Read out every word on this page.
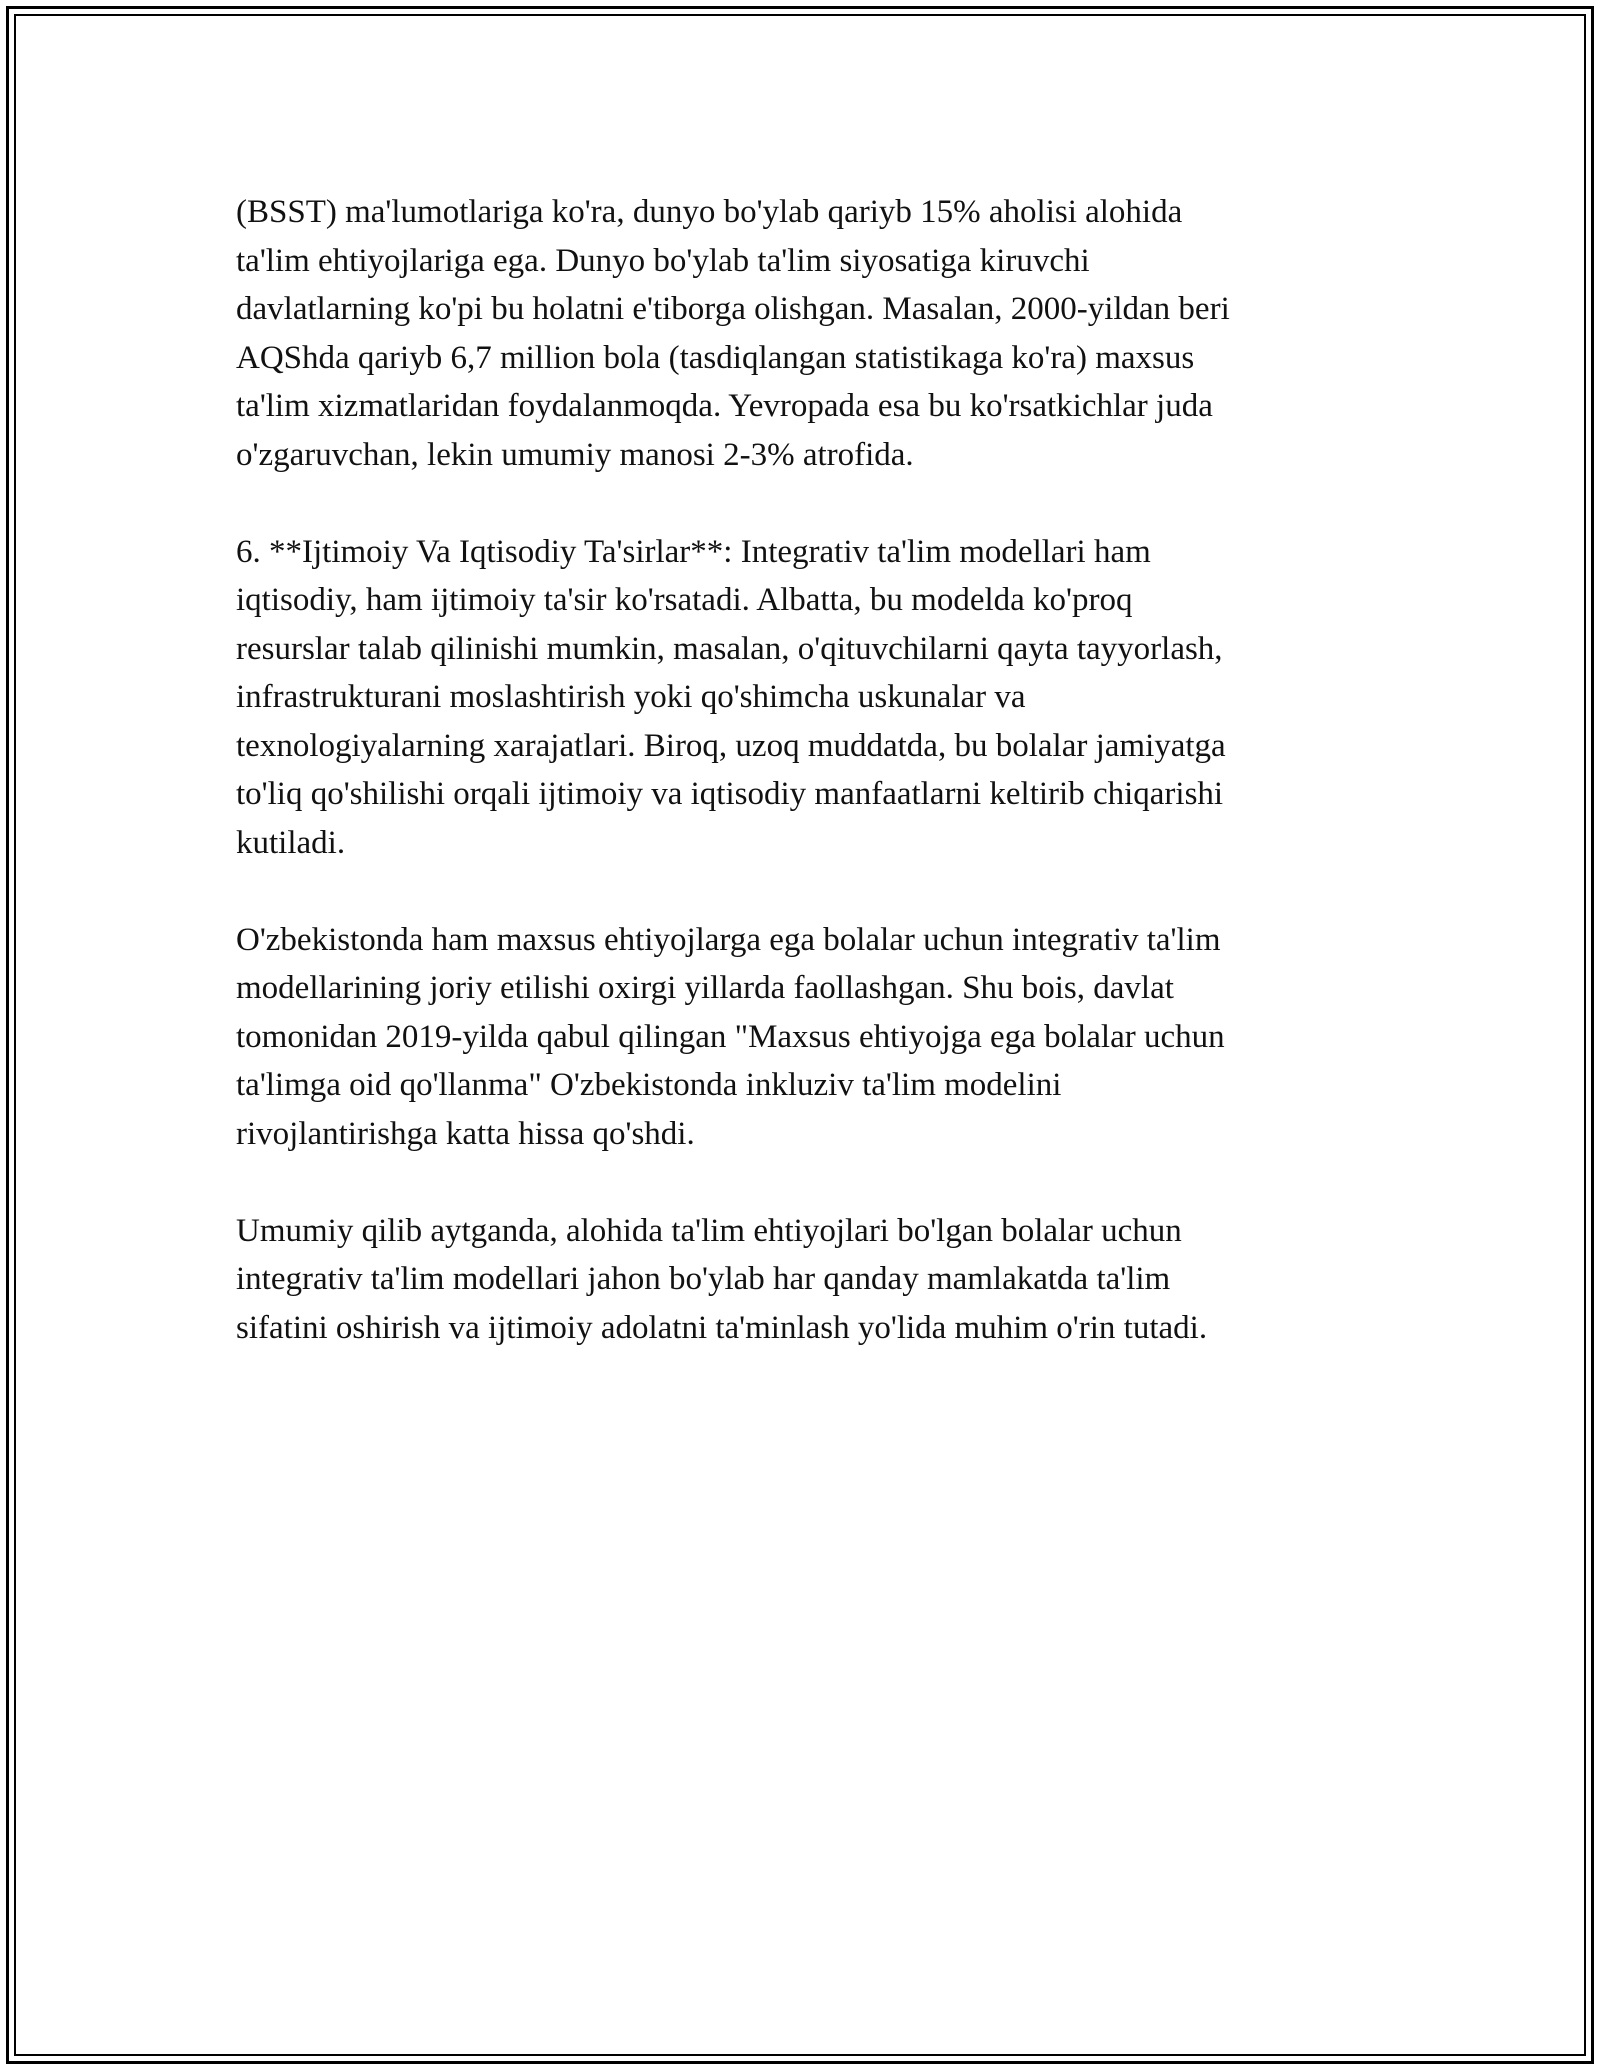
(BSST) ma'lumotlariga ko'ra, dunyo bo'ylab qariyb 15% aholisi alohida
ta'lim ehtiyojlariga ega. Dunyo bo'ylab ta'lim siyosatiga kiruvchi
davlatlarning ko'pi bu holatni e'tiborga olishgan. Masalan, 2000-yildan beri
AQShda qariyb 6,7 million bola (tasdiqlangan statistikaga ko'ra) maxsus
ta'lim xizmatlaridan foydalanmoqda. Yevropada esa bu ko'rsatkichlar juda
o'zgaruvchan, lekin umumiy manosi 2-3% atrofida.
6. **Ijtimoiy Va Iqtisodiy Ta'sirlar**: Integrativ ta'lim modellari ham
iqtisodiy, ham ijtimoiy ta'sir ko'rsatadi. Albatta, bu modelda ko'proq
resurslar talab qilinishi mumkin, masalan, o'qituvchilarni qayta tayyorlash,
infrastrukturani moslashtirish yoki qo'shimcha uskunalar va
texnologiyalarning xarajatlari. Biroq, uzoq muddatda, bu bolalar jamiyatga
to'liq qo'shilishi orqali ijtimoiy va iqtisodiy manfaatlarni keltirib chiqarishi
kutiladi.
O'zbekistonda ham maxsus ehtiyojlarga ega bolalar uchun integrativ ta'lim
modellarining joriy etilishi oxirgi yillarda faollashgan. Shu bois, davlat
tomonidan 2019-yilda qabul qilingan "Maxsus ehtiyojga ega bolalar uchun
ta'limga oid qo'llanma" O'zbekistonda inkluziv ta'lim modelini
rivojlantirishga katta hissa qo'shdi.
Umumiy qilib aytganda, alohida ta'lim ehtiyojlari bo'lgan bolalar uchun
integrativ ta'lim modellari jahon bo'ylab har qanday mamlakatda ta'lim
sifatini oshirish va ijtimoiy adolatni ta'minlash yo'lida muhim o'rin tutadi.
